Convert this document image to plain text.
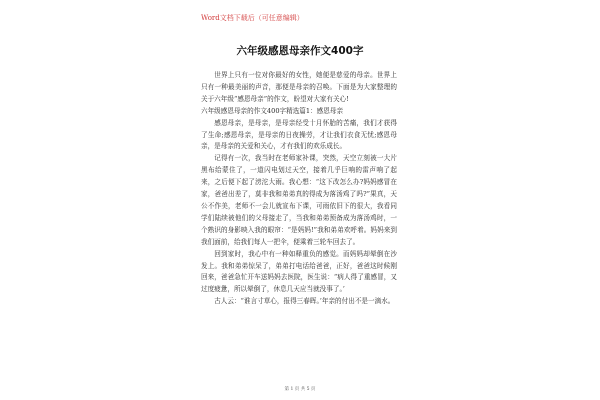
Word文档下载后（可任意编辑）
六年级感恩母亲作文400字

世界上只有一位对你最好的女性，她便是慈爱的母亲。世界上只有一种最美丽的声音，那便是母亲的召唤。下面是为大家整理的关于六年级“感恩母亲”的作文，盼望对大家有关心!

六年级感恩母亲的作文400字精选篇1：感恩母亲

感恩母亲，是母亲，是母亲经受十月怀胎的苦痛，我们才获得了生命;感恩母亲，是母亲的日夜操劳，才让我们衣食无忧;感恩母亲，是母亲的关爱和关心，才有我们的欢乐成长。

记得有一次，我当时在老师家补课，突然，天空立刻被一大片黑布给蒙住了，一道闪电划过天空，接着几乎巨响的雷声响了起来，之后便下起了滂沱大雨。我心想：“这下改怎么办?妈妈感冒在家，爸爸出差了，莫非我和弟弟真的得成为落汤鸡了吗?”果真，天公不作美，老师不一会儿就宣布下课，可雨依旧下的很大，我看同学们陆续被他们的父母接走了，当我和弟弟预备成为落汤鸡时，一个熟识的身影映入我的眼帘：“是妈妈!”我和弟弟欢呼着。妈妈来到我们面前，给我们每人一把伞，便乘着三轮车回去了。

回到家时，我心中有一种如释重负的感觉。而妈妈却晕倒在沙发上。我和弟弟惊呆了，弟弟打电话给爸爸，正好，爸爸这时候刚回来，爸爸急忙开车送妈妈去医院，医生说：“病人得了重感冒，又过度疲惫，所以晕倒了，休息几天应当就没事了。’

古人云：“谁言寸草心，报得三春晖。’年亲的付出不是一滴水。

第 1 页 共 5 页
